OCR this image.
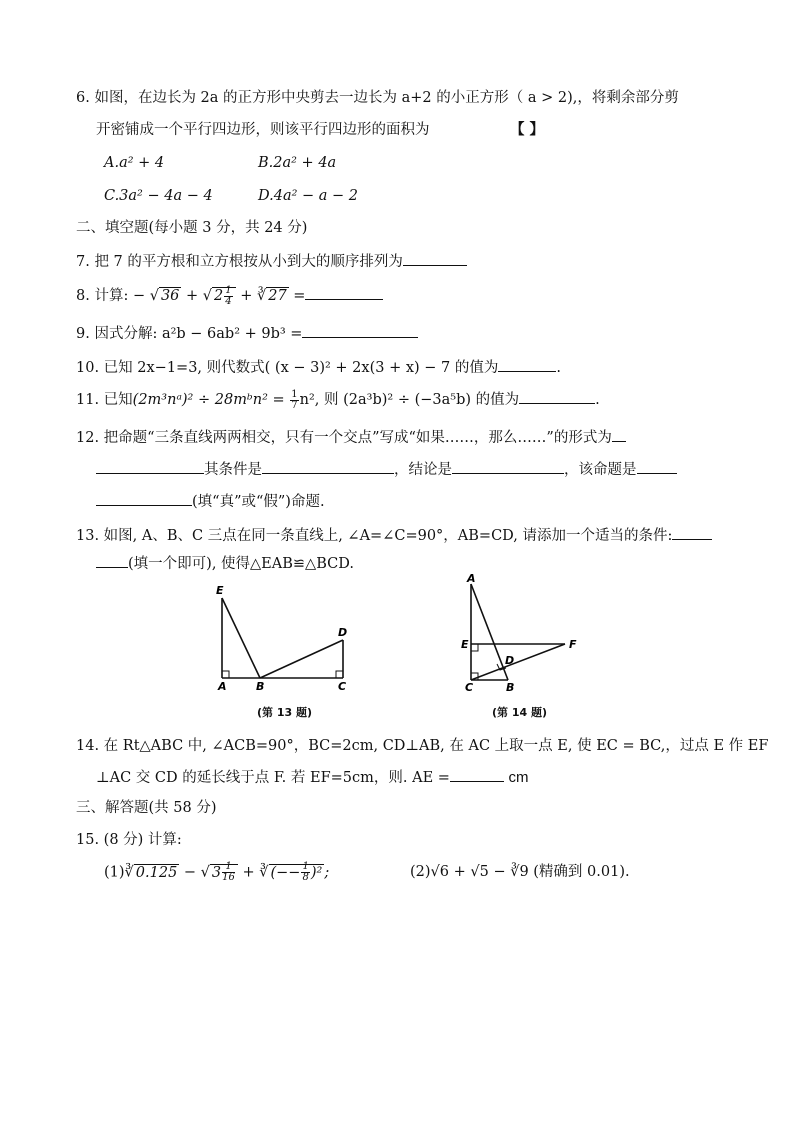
6. 如图，在边长为 2a 的正方形中央剪去一边长为 a+2 的小正方形（ a > 2),，将剩余部分剪
开密铺成一个平行四边形，则该平行四边形的面积为	【 】
A.a² + 4	B.2a² + 4a
C.3a² − 4a − 4	D.4a² − a − 2
二、填空题(每小题 3 分，共 24 分)
7. 把 7 的平方根和立方根按从小到大的顺序排列为
8. 计算: − √ 36 + √ $2 \frac{1}{4}$ + ∛ 27 =
9. 因式分解: a²b − 6ab² + 9b³ =
10. 已知 2x−1=3, 则代数式( (x − 3)² + 2x(3 + x) − 7 的值为	.
11. 已知(2m³nᵃ)² ÷ 28mᵇn² = $\frac{1}{7} n^2$, 则 (2a³b)² ÷ (−3a⁵b) 的值为	.
12. 把命题“三条直线两两相交，只有一个交点”写成“如果……，那么……”的形式为
其条件是	，结论是	，该命题是
(填“真”或“假”)命题.
13. 如图, A、B、C 三点在同一条直线上, ∠A=∠C=90°，AB=CD, 请添加一个适当的条件:
(填一个即可), 使得△EAB≌△BCD.
E
D
A	B	C
(第 13 题)
A
E	F
D
C	B
(第 14 题)
14. 在 Rt△ABC 中, ∠ACB=90°，BC=2cm, CD⊥AB, 在 AC 上取一点 E, 使 EC = BC,，过点 E 作 EF
⊥AC 交 CD 的延长线于点 F. 若 EF=5cm，则. AE =	cm
三、解答题(共 58 分)
15. (8 分) 计算:
(1)∛ 0.125 − √ $3 \frac{1}{16}$ + ∛ (−− $\frac{1}{8} )^2$ ;	(2)√6 + √5 − ∛9 (精确到 0.01).
